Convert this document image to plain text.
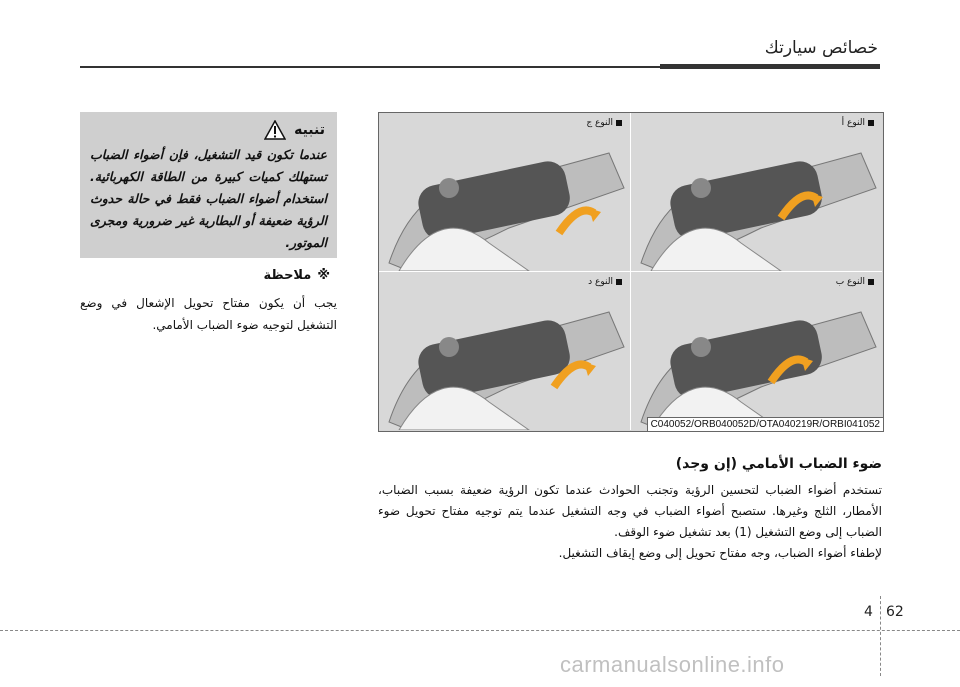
خصائص سيارتك
النوع أ
النوع ج
النوع ب
النوع د
C040052/ORB040052D/OTA040219R/ORBI041052
تنبيه
عندما تكون قيد التشغيل، فإن أضواء الضباب تستهلك كميات كبيرة من الطاقة الكهربائية. استخدام أضواء الضباب فقط في حالة حدوث الرؤية ضعيفة أو البطارية غير ضرورية ومجرى الموتور.
※
ملاحظة
يجب أن يكون مفتاح تحويل الإشعال في وضع التشغيل لتوجيه ضوء الضباب الأمامي.
ضوء الضباب الأمامي (إن وجد)

تستخدم أضواء الضباب لتحسين الرؤية وتجنب الحوادث عندما تكون الرؤية ضعيفة بسبب الضباب، الأمطار، الثلج وغيرها. ستصبح أضواء الضباب في وجه التشغيل عندما يتم توجيه مفتاح تحويل ضوء الضباب إلى وضع التشغيل (1) بعد تشغيل ضوء الوقف.

لإطفاء أضواء الضباب، وجه مفتاح تحويل إلى وضع إيقاف التشغيل.

4 62
carmanualsonline.info
